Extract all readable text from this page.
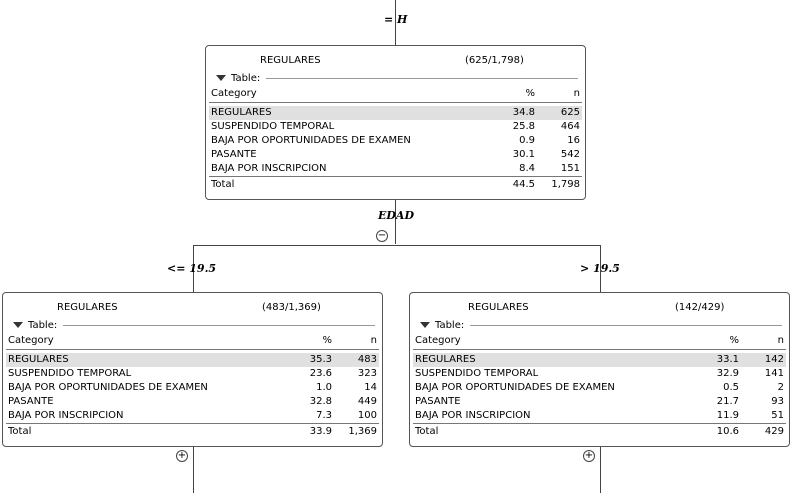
= H
EDAD
<= 19.5	> 19.5
−
+	+
REGULARES	(625/1,798)
Table:
Category	%	n

REGULARES	34.8	625
SUSPENDIDO TEMPORAL	25.8	464
BAJA POR OPORTUNIDADES DE EXAMEN	0.9	16
PASANTE	30.1	542
BAJA POR INSCRIPCION	8.4	151
Total	44.5	1,798
REGULARES	(483/1,369)
Table:
Category	%	n

REGULARES	35.3	483
SUSPENDIDO TEMPORAL	23.6	323
BAJA POR OPORTUNIDADES DE EXAMEN	1.0	14
PASANTE	32.8	449
BAJA POR INSCRIPCION	7.3	100
Total	33.9	1,369
REGULARES	(142/429)
Table:
Category	%	n

REGULARES	33.1	142
SUSPENDIDO TEMPORAL	32.9	141
BAJA POR OPORTUNIDADES DE EXAMEN	0.5	2
PASANTE	21.7	93
BAJA POR INSCRIPCION	11.9	51
Total	10.6	429
